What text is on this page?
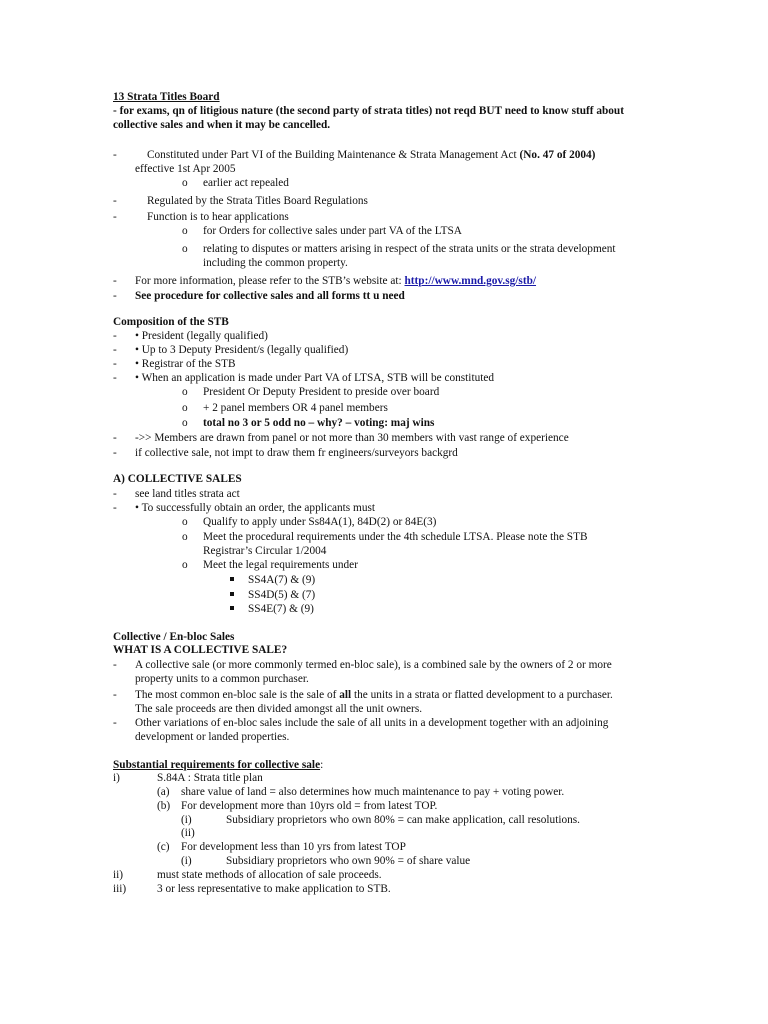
13 Strata Titles Board
- for exams, qn of litigious nature (the second party of strata titles) not reqd BUT need to know stuff about
collective sales and when it may be cancelled.
-	Constituted under Part VI of the Building Maintenance & Strata Management Act (No. 47 of 2004)
effective 1st Apr 2005
o earlier act repealed
-	Regulated by the Strata Titles Board Regulations
-	Function is to hear applications
o for Orders for collective sales under part VA of the LTSA
o relating to disputes or matters arising in respect of the strata units or the strata development
including the common property.
- For more information, please refer to the STB’s website at: http://www.mnd.gov.sg/stb/
- See procedure for collective sales and all forms tt u need
Composition of the STB
- • President (legally qualified)
- • Up to 3 Deputy President/s (legally qualified)
- • Registrar of the STB
- • When an application is made under Part VA of LTSA, STB will be constituted
o President Or Deputy President to preside over board
o + 2 panel members OR 4 panel members
o total no 3 or 5 odd no – why? – voting: maj wins
- ->> Members are drawn from panel or not more than 30 members with vast range of experience
- if collective sale, not impt to draw them fr engineers/surveyors backgrd
A) COLLECTIVE SALES
- see land titles strata act
- • To successfully obtain an order, the applicants must
o Qualify to apply under Ss84A(1), 84D(2) or 84E(3)
o Meet the procedural requirements under the 4th schedule LTSA. Please note the STB
Registrar’s Circular 1/2004
o Meet the legal requirements under
SS4A(7) & (9)
SS4D(5) & (7)
SS4E(7) & (9)
Collective / En-bloc Sales
WHAT IS A COLLECTIVE SALE?
- A collective sale (or more commonly termed en-bloc sale), is a combined sale by the owners of 2 or more
property units to a common purchaser.
- The most common en-bloc sale is the sale of all the units in a strata or flatted development to a purchaser.
The sale proceeds are then divided amongst all the unit owners.
- Other variations of en-bloc sales include the sale of all units in a development together with an adjoining
development or landed properties.
Substantial requirements for collective sale:
i)	S.84A : Strata title plan
(a) share value of land = also determines how much maintenance to pay + voting power.
(b) For development more than 10yrs old = from latest TOP.
(i)	Subsidiary proprietors who own 80% = can make application, call resolutions.
(ii)
(c) For development less than 10 yrs from latest TOP
(i)	Subsidiary proprietors who own 90% = of share value
ii)	must state methods of allocation of sale proceeds.
iii)	3 or less representative to make application to STB.
